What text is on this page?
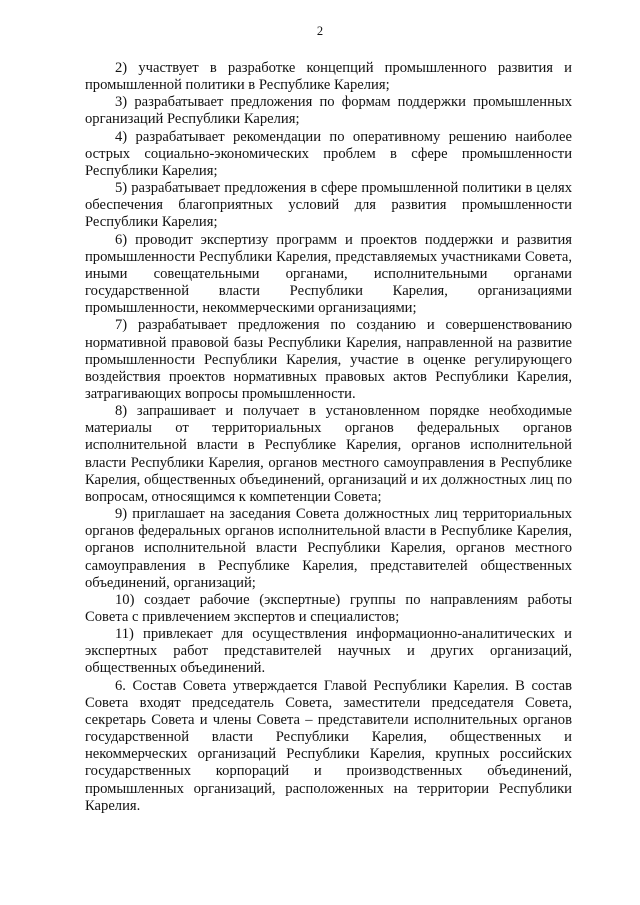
2

2) участвует в разработке концепций промышленного развития и промышленной политики в Республике Карелия;

3) разрабатывает предложения по формам поддержки промышленных организаций Республики Карелия;

4) разрабатывает рекомендации по оперативному решению наиболее острых социально-экономических проблем в сфере промышленности Республики Карелия;

5) разрабатывает предложения в сфере промышленной политики в целях обеспечения благоприятных условий для развития промышленности Республики Карелия;

6) проводит экспертизу программ и проектов поддержки и развития промышленности Республики Карелия, представляемых участниками Совета, иными совещательными органами, исполнительными органами государственной власти Республики Карелия, организациями промышленности, некоммерческими организациями;

7) разрабатывает предложения по созданию и совершенствованию нормативной правовой базы Республики Карелия, направленной на развитие промышленности Республики Карелия, участие в оценке регулирующего воздействия проектов нормативных правовых актов Республики Карелия, затрагивающих вопросы промышленности.

8) запрашивает и получает в установленном порядке необходимые материалы от территориальных органов федеральных органов исполнительной власти в Республике Карелия, органов исполнительной власти Республики Карелия, органов местного самоуправления в Республике Карелия, общественных объединений, организаций и их должностных лиц по вопросам, относящимся к компетенции Совета;

9) приглашает на заседания Совета должностных лиц территориальных органов федеральных органов исполнительной власти в Республике Карелия, органов исполнительной власти Республики Карелия, органов местного самоуправления в Республике Карелия, представителей общественных объединений, организаций;

10) создает рабочие (экспертные) группы по направлениям работы Совета с привлечением экспертов и специалистов;

11) привлекает для осуществления информационно-аналитических и экспертных работ представителей научных и других организаций, общественных объединений.

6. Состав Совета утверждается Главой Республики Карелия. В состав Совета входят председатель Совета, заместители председателя Совета, секретарь Совета и члены Совета – представители исполнительных органов государственной власти Республики Карелия, общественных и некоммерческих организаций Республики Карелия, крупных российских государственных корпораций и производственных объединений, промышленных организаций, расположенных на территории Республики Карелия.
